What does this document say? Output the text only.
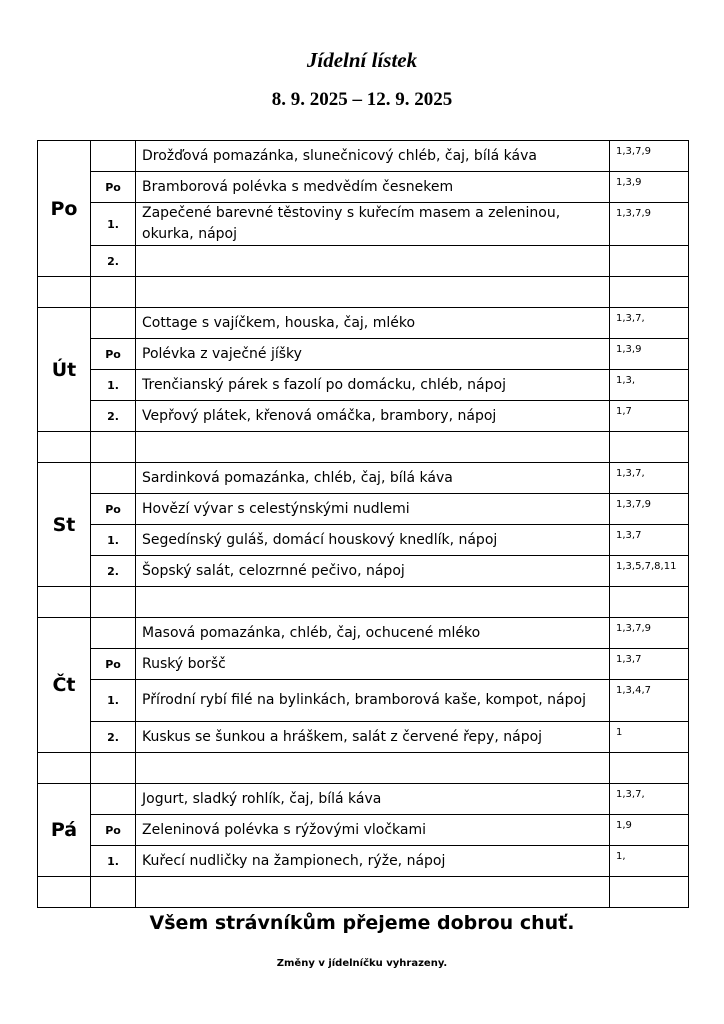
Jídelní lístek
8. 9. 2025 – 12. 9. 2025
Po		Drožďová pomazánka, slunečnicový chléb, čaj, bílá káva	1,3,7,9
	Po	Bramborová polévka s medvědím česnekem	1,3,9
	1.	Zapečené barevné těstoviny s kuřecím masem a zeleninou, okurka, nápoj	1,3,7,9
	2.		

Út		Cottage s vajíčkem, houska, čaj, mléko	1,3,7,
	Po	Polévka z vaječné jíšky	1,3,9
	1.	Trenčianský párek s fazolí po domácku, chléb, nápoj	1,3,
	2.	Vepřový plátek, křenová omáčka, brambory, nápoj	1,7

St		Sardinková pomazánka, chléb, čaj, bílá káva	1,3,7,
	Po	Hovězí vývar s celestýnskými nudlemi	1,3,7,9
	1.	Segedínský guláš, domácí houskový knedlík, nápoj	1,3,7
	2.	Šopský salát, celozrnné pečivo, nápoj	1,3,5,7,8,11

Čt		Masová pomazánka, chléb, čaj, ochucené mléko	1,3,7,9
	Po	Ruský boršč	1,3,7
	1.	Přírodní rybí filé na bylinkách, bramborová kaše, kompot, nápoj	1,3,4,7
	2.	Kuskus se šunkou a hráškem, salát z červené řepy, nápoj	1

Pá		Jogurt, sladký rohlík, čaj, bílá káva	1,3,7,
	Po	Zeleninová polévka s rýžovými vločkami	1,9
	1.	Kuřecí nudličky na žampionech, rýže, nápoj	1,

Všem strávníkům přejeme dobrou chuť.
Změny v jídelníčku vyhrazeny.
